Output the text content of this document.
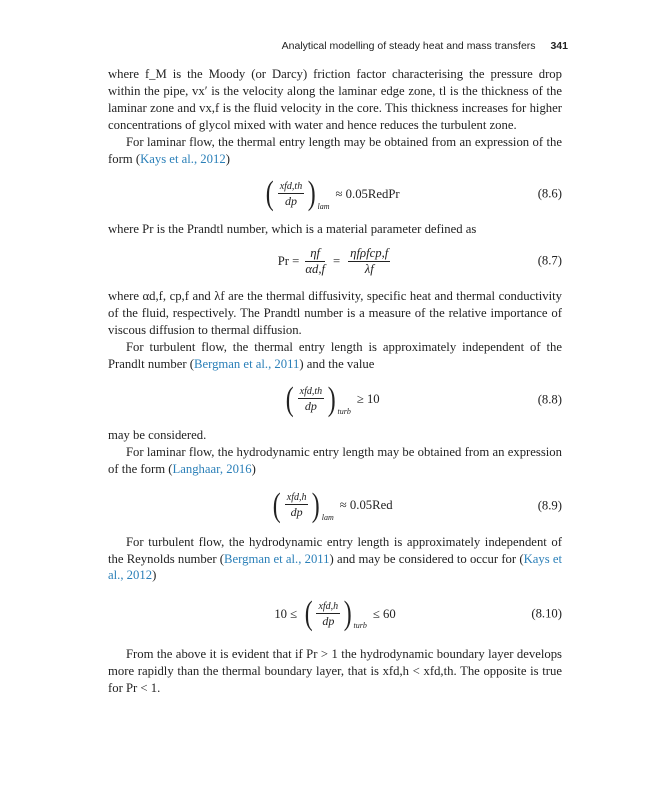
Analytical modelling of steady heat and mass transfers 341

where f_M is the Moody (or Darcy) friction factor characterising the pressure drop within the pipe, vx′ is the velocity along the laminar edge zone, tl is the thickness of the laminar zone and vx,f is the fluid velocity in the core. This thickness increases for higher concentrations of glycol mixed with water and hence reduces the turbulent zone.

For laminar flow, the thermal entry length may be obtained from an expression of the form (Kays et al., 2012)

( $\frac{\text{xfd,th}}{dp}$ ) lam
≈ 0.05RedPr	(8.6)

where Pr is the Prandtl number, which is a material parameter defined as

$Pr = \frac{\eta f}{\alpha d,f} = \frac{\text{ηfρfcp,f}}{\lambda f}$	(8.7)

where αd,f, cp,f and λf are the thermal diffusivity, specific heat and thermal conductivity of the fluid, respectively. The Prandtl number is a measure of the relative importance of viscous diffusion to thermal diffusion.

For turbulent flow, the thermal entry length is approximately independent of the Prandlt number (Bergman et al., 2011) and the value

( $\frac{\text{xfd,th}}{dp}$ ) turb
≥ 10	(8.8)

may be considered.

For laminar flow, the hydrodynamic entry length may be obtained from an expression of the form (Langhaar, 2016)

( $\frac{\text{xfd,h}}{dp}$ ) lam
≈ 0.05Red	(8.9)

For turbulent flow, the hydrodynamic entry length is approximately independent of the Reynolds number (Bergman et al., 2011) and may be considered to occur for (Kays et al., 2012)

10 ≤ ( $\frac{\text{xfd,h}}{dp}$ ) turb
≤ 60	(8.10)

From the above it is evident that if Pr > 1 the hydrodynamic boundary layer develops more rapidly than the thermal boundary layer, that is xfd,h < xfd,th. The opposite is true for Pr < 1.
